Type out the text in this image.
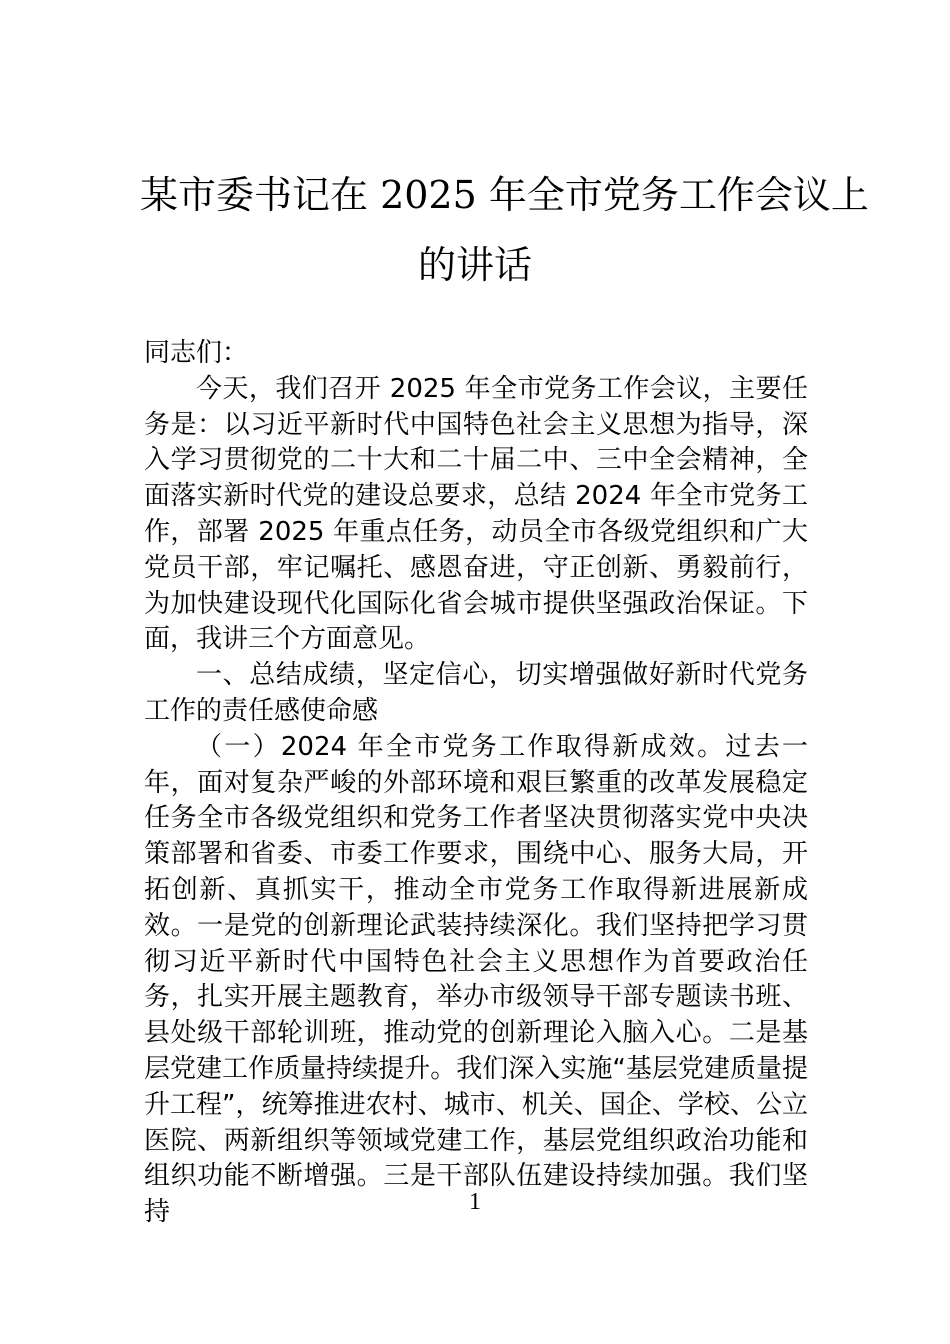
某市委书记在 2025 年全市党务工作会议上
的讲话

同志们：

今天，我们召开 2025 年全市党务工作会议，主要任务是：以习近平新时代中国特色社会主义思想为指导，深入学习贯彻党的二十大和二十届二中、三中全会精神，全面落实新时代党的建设总要求，总结 2024 年全市党务工作，部署 2025 年重点任务，动员全市各级党组织和广大党员干部，牢记嘱托、感恩奋进，守正创新、勇毅前行，为加快建设现代化国际化省会城市提供坚强政治保证。下面，我讲三个方面意见。

一、总结成绩，坚定信心，切实增强做好新时代党务工作的责任感使命感

（一）2024 年全市党务工作取得新成效。过去一年，面对复杂严峻的外部环境和艰巨繁重的改革发展稳定任务全市各级党组织和党务工作者坚决贯彻落实党中央决策部署和省委、市委工作要求，围绕中心、服务大局，开拓创新、真抓实干，推动全市党务工作取得新进展新成效。一是党的创新理论武装持续深化。我们坚持把学习贯彻习近平新时代中国特色社会主义思想作为首要政治任务，扎实开展主题教育，举办市级领导干部专题读书班、县处级干部轮训班，推动党的创新理论入脑入心。二是基层党建工作质量持续提升。我们深入实施“基层党建质量提升工程”，统筹推进农村、城市、机关、国企、学校、公立医院、两新组织等领域党建工作，基层党组织政治功能和组织功能不断增强。三是干部队伍建设持续加强。我们坚持	1
